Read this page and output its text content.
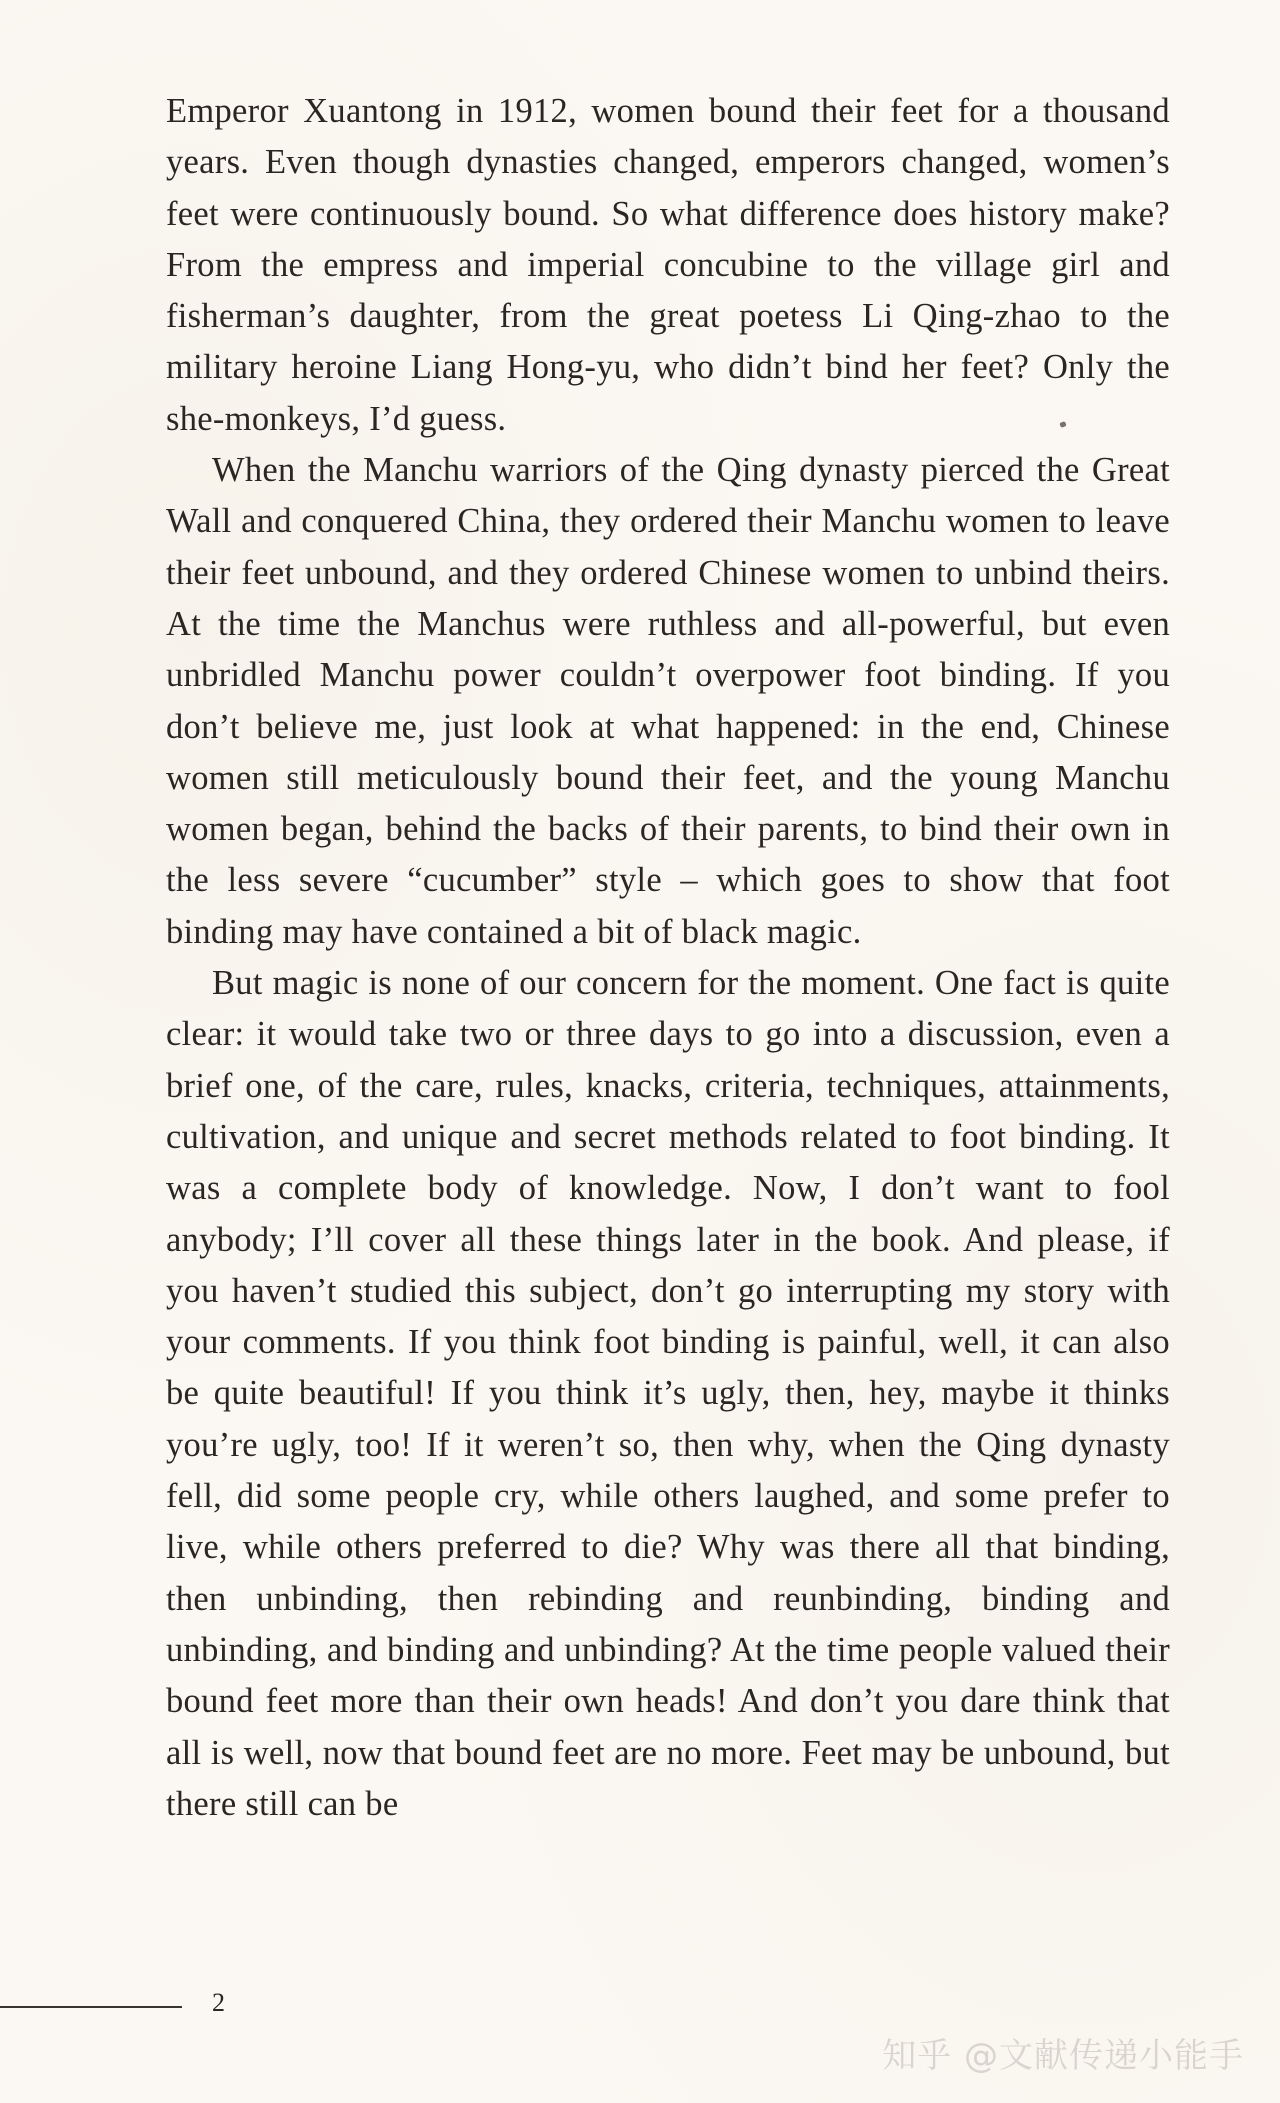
Emperor Xuantong in 1912, women bound their feet for a thousand years. Even though dynasties changed, emperors changed, women’s feet were continuously bound. So what difference does history make? From the empress and imperial concubine to the village girl and fisherman’s daughter, from the great poetess Li Qing-zhao to the military heroine Liang Hong-yu, who didn’t bind her feet? Only the she-monkeys, I’d guess.

When the Manchu warriors of the Qing dynasty pierced the Great Wall and conquered China, they ordered their Manchu women to leave their feet unbound, and they ordered Chinese women to unbind theirs. At the time the Manchus were ruthless and all-powerful, but even unbridled Manchu power couldn’t overpower foot binding. If you don’t believe me, just look at what happened: in the end, Chinese women still meticulously bound their feet, and the young Manchu women began, behind the backs of their parents, to bind their own in the less severe “cucumber” style – which goes to show that foot binding may have contained a bit of black magic.

But magic is none of our concern for the moment. One fact is quite clear: it would take two or three days to go into a discussion, even a brief one, of the care, rules, knacks, criteria, techniques, attainments, cultivation, and unique and secret methods related to foot binding. It was a complete body of knowledge. Now, I don’t want to fool anybody; I’ll cover all these things later in the book. And please, if you haven’t studied this subject, don’t go interrupting my story with your comments. If you think foot binding is painful, well, it can also be quite beautiful! If you think it’s ugly, then, hey, maybe it thinks you’re ugly, too! If it weren’t so, then why, when the Qing dynasty fell, did some people cry, while others laughed, and some prefer to live, while others preferred to die? Why was there all that binding, then unbinding, then rebinding and reunbinding, binding and unbinding, and binding and unbinding? At the time people valued their bound feet more than their own heads! And don’t you dare think that all is well, now that bound feet are no more. Feet may be unbound, but there still can be

2
知乎 @文献传递小能手
